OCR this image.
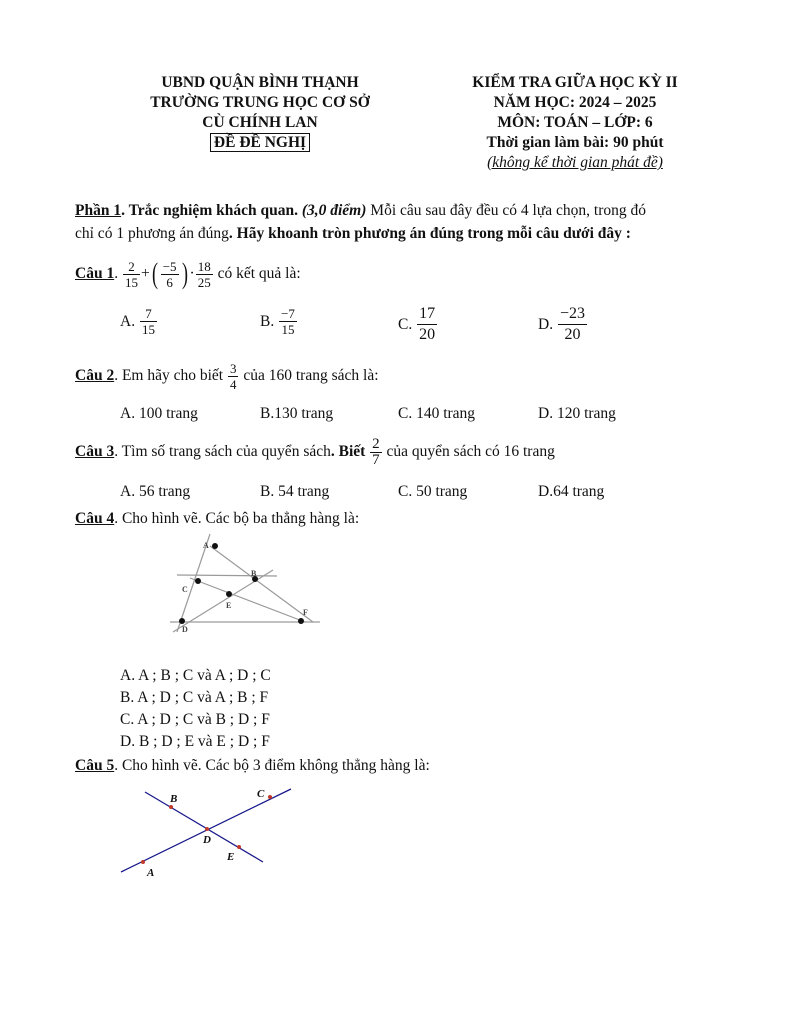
UBND QUẬN BÌNH THẠNH
TRƯỜNG TRUNG HỌC CƠ SỞ
CÙ CHÍNH LAN
ĐỀ ĐỀ NGHỊ
KIỂM TRA GIỮA HỌC KỲ II
NĂM HỌC: 2024 – 2025
MÔN: TOÁN – LỚP: 6
Thời gian làm bài: 90 phút
(không kể thời gian phát đề)
Phần 1. Trắc nghiệm khách quan. (3,0 điểm) Mỗi câu sau đây đều có 4 lựa chọn, trong đó
chỉ có 1 phương án đúng. Hãy khoanh tròn phương án đúng trong mỗi câu dưới đây :
Câu 1 . $\frac{2}{15}$ + ( $\frac{-5}{6}$ ) · $\frac{18}{25}$
có kết quả là:
A.
$\frac{7}{15}$	B.
$\frac{-7}{15}$	C.
$\frac{17}{20}$	D.
$\frac{-23}{20}$
Câu 2 . Em hãy cho biết
$\frac{3}{4}$
của 160 trang sách là:
A. 100 trang	B.130 trang	C. 140 trang	D. 120 trang
Câu 3 . Tìm số trang sách của quyển sách . Biết
$\frac{2}{7}$
của quyển sách có 16 trang
A. 56 trang	B. 54 trang	C. 50 trang	D.64 trang
Câu 4. Cho hình vẽ. Các bộ ba thẳng hàng là:
A
B
C
D
E
F
A. A ; B ; C và A ; D ; C
B. A ; D ; C và A ; B ; F
C. A ; D ; C và B ; D ; F
D. B ; D ; E và E ; D ; F
Câu 5. Cho hình vẽ. Các bộ 3 điểm không thẳng hàng là:
B	C
D
E
A
